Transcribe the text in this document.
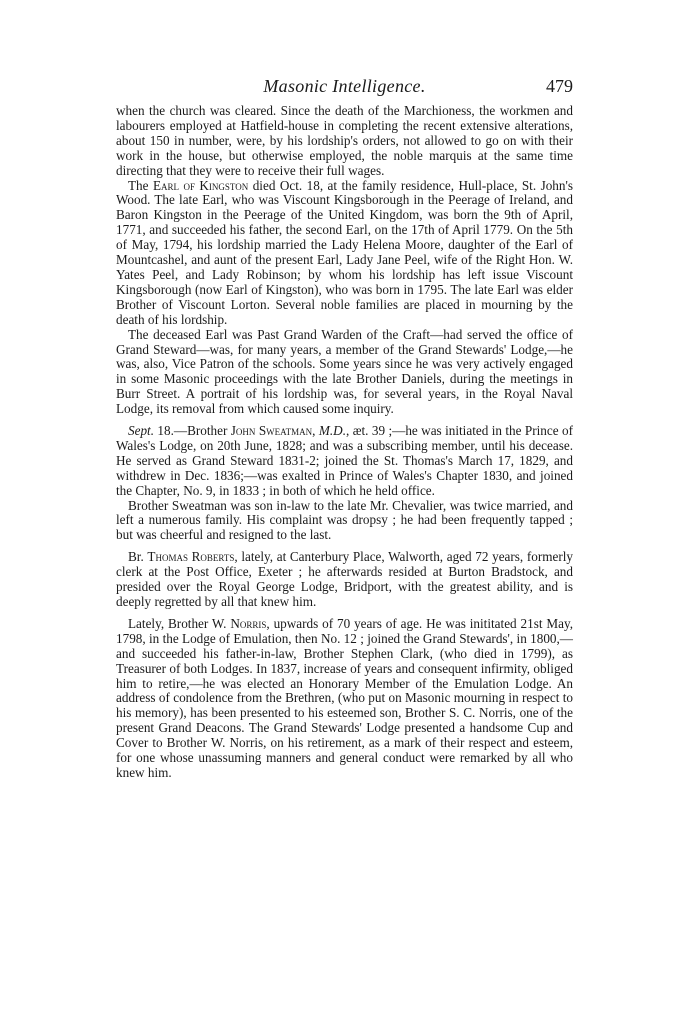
Masonic Intelligence.	479

when the church was cleared. Since the death of the Marchioness, the workmen and labourers employed at Hatfield-house in completing the recent extensive alterations, about 150 in number, were, by his lordship's orders, not allowed to go on with their work in the house, but otherwise employed, the noble marquis at the same time directing that they were to receive their full wages.

The Earl of Kingston died Oct. 18, at the family residence, Hull-place, St. John's Wood. The late Earl, who was Viscount Kingsborough in the Peerage of Ireland, and Baron Kingston in the Peerage of the United Kingdom, was born the 9th of April, 1771, and succeeded his father, the second Earl, on the 17th of April 1779. On the 5th of May, 1794, his lordship married the Lady Helena Moore, daughter of the Earl of Mountcashel, and aunt of the present Earl, Lady Jane Peel, wife of the Right Hon. W. Yates Peel, and Lady Robinson; by whom his lordship has left issue Viscount Kingsborough (now Earl of Kingston), who was born in 1795. The late Earl was elder Brother of Viscount Lorton. Several noble families are placed in mourning by the death of his lordship.

The deceased Earl was Past Grand Warden of the Craft—had served the office of Grand Steward—was, for many years, a member of the Grand Stewards' Lodge,—he was, also, Vice Patron of the schools. Some years since he was very actively engaged in some Masonic proceedings with the late Brother Daniels, during the meetings in Burr Street. A portrait of his lordship was, for several years, in the Royal Naval Lodge, its removal from which caused some inquiry.

Sept. 18.—Brother John Sweatman, M.D., æt. 39 ;—he was initiated in the Prince of Wales's Lodge, on 20th June, 1828; and was a subscribing member, until his decease. He served as Grand Steward 1831-2; joined the St. Thomas's March 17, 1829, and withdrew in Dec. 1836;—was exalted in Prince of Wales's Chapter 1830, and joined the Chapter, No. 9, in 1833 ; in both of which he held office.

Brother Sweatman was son in-law to the late Mr. Chevalier, was twice married, and left a numerous family. His complaint was dropsy ; he had been frequently tapped ; but was cheerful and resigned to the last.

Br. Thomas Roberts, lately, at Canterbury Place, Walworth, aged 72 years, formerly clerk at the Post Office, Exeter ; he afterwards resided at Burton Bradstock, and presided over the Royal George Lodge, Bridport, with the greatest ability, and is deeply regretted by all that knew him.

Lately, Brother W. Norris, upwards of 70 years of age. He was inititated 21st May, 1798, in the Lodge of Emulation, then No. 12 ; joined the Grand Stewards', in 1800,—and succeeded his father-in-law, Brother Stephen Clark, (who died in 1799), as Treasurer of both Lodges. In 1837, increase of years and consequent infirmity, obliged him to retire,—he was elected an Honorary Member of the Emulation Lodge. An address of condolence from the Brethren, (who put on Masonic mourning in respect to his memory), has been presented to his esteemed son, Brother S. C. Norris, one of the present Grand Deacons. The Grand Stewards' Lodge presented a handsome Cup and Cover to Brother W. Norris, on his retirement, as a mark of their respect and esteem, for one whose unassuming manners and general conduct were remarked by all who knew him.
